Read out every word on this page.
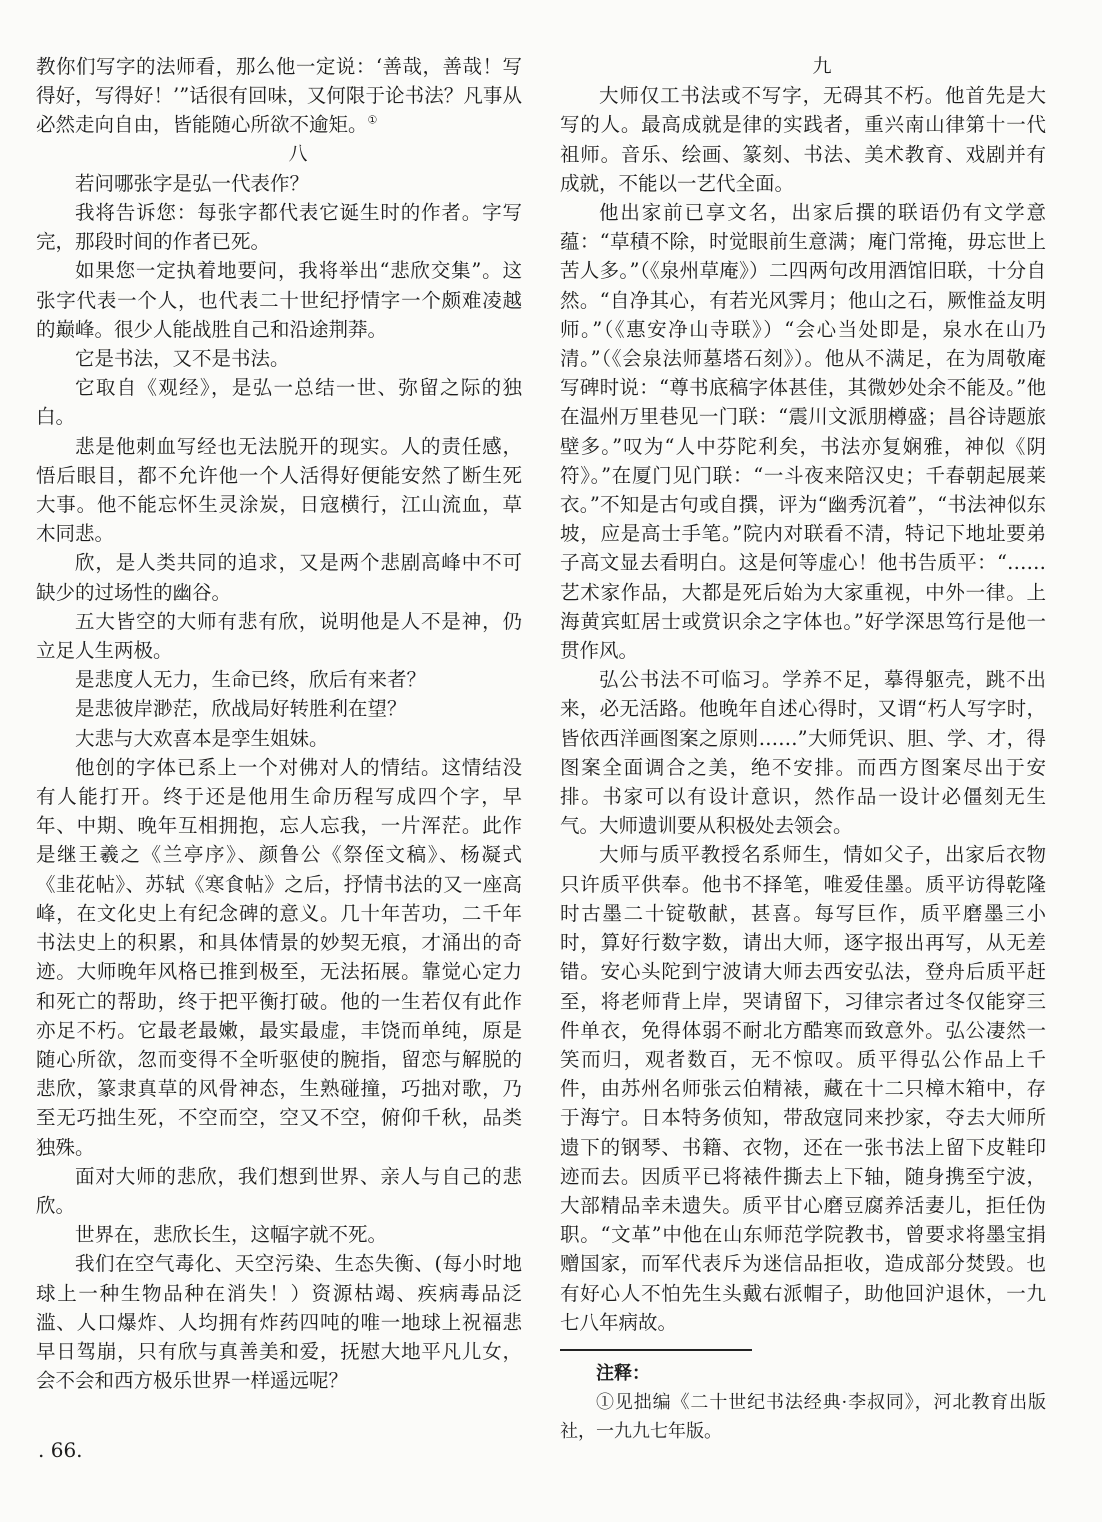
教你们写字的法师看，那么他一定说：‘善哉，善哉！写得好，写得好！’”话很有回味，又何限于论书法？凡事从必然走向自由，皆能随心所欲不逾矩。①

八

若问哪张字是弘一代表作？

我将告诉您：每张字都代表它诞生时的作者。字写完，那段时间的作者已死。

如果您一定执着地要问，我将举出“悲欣交集”。这张字代表一个人，也代表二十世纪抒情字一个颇难凌越的巅峰。很少人能战胜自己和沿途荆莽。

它是书法，又不是书法。

它取自《观经》，是弘一总结一世、弥留之际的独白。

悲是他刺血写经也无法脱开的现实。人的责任感，悟后眼目，都不允许他一个人活得好便能安然了断生死大事。他不能忘怀生灵涂炭，日寇横行，江山流血，草木同悲。

欣，是人类共同的追求，又是两个悲剧高峰中不可缺少的过场性的幽谷。

五大皆空的大师有悲有欣，说明他是人不是神，仍立足人生两极。

是悲度人无力，生命已终，欣后有来者？

是悲彼岸渺茫，欣战局好转胜利在望？

大悲与大欢喜本是孪生姐妹。

他创的字体已系上一个对佛对人的情结。这情结没有人能打开。终于还是他用生命历程写成四个字，早年、中期、晚年互相拥抱，忘人忘我，一片浑茫。此作是继王羲之《兰亭序》、颜鲁公《祭侄文稿》、杨凝式《韭花帖》、苏轼《寒食帖》之后，抒情书法的又一座高峰，在文化史上有纪念碑的意义。几十年苦功，二千年书法史上的积累，和具体情景的妙契无痕，才涌出的奇迹。大师晚年风格已推到极至，无法拓展。靠觉心定力和死亡的帮助，终于把平衡打破。他的一生若仅有此作亦足不朽。它最老最嫩，最实最虚，丰饶而单纯，原是随心所欲，忽而变得不全听驱使的腕指，留恋与解脱的悲欣，篆隶真草的风骨神态，生熟碰撞，巧拙对歌，乃至无巧拙生死，不空而空，空又不空，俯仰千秋，品类独殊。

面对大师的悲欣，我们想到世界、亲人与自己的悲欣。

世界在，悲欣长生，这幅字就不死。

我们在空气毒化、天空污染、生态失衡、(每小时地球上一种生物品种在消失！）资源枯竭、疾病毒品泛滥、人口爆炸、人均拥有炸药四吨的唯一地球上祝福悲早日驾崩，只有欣与真善美和爱，抚慰大地平凡儿女，会不会和西方极乐世界一样遥远呢？

九

大师仅工书法或不写字，无碍其不朽。他首先是大写的人。最高成就是律的实践者，重兴南山律第十一代祖师。音乐、绘画、篆刻、书法、美术教育、戏剧并有成就，不能以一艺代全面。

他出家前已享文名，出家后撰的联语仍有文学意蕴：“草積不除，时觉眼前生意满；庵门常掩，毋忘世上苦人多。”（《泉州草庵》）二四两句改用酒馆旧联，十分自然。“自净其心，有若光风霁月；他山之石，厥惟益友明师。”（《惠安净山寺联》）“会心当处即是，泉水在山乃清。”（《会泉法师墓塔石刻》）。他从不满足，在为周敬庵写碑时说：“尊书底稿字体甚佳，其微妙处余不能及。”他在温州万里巷见一门联：“震川文派朋樽盛；昌谷诗题旅壁多。”叹为“人中芬陀利矣，书法亦复娴雅，神似《阴符》。”在厦门见门联：“一斗夜来陪汉史；千春朝起展莱衣。”不知是古句或自撰，评为“幽秀沉着”，“书法神似东坡，应是高士手笔。”院内对联看不清，特记下地址要弟子高文显去看明白。这是何等虚心！他书告质平：“……艺术家作品，大都是死后始为大家重视，中外一律。上海黄宾虹居士或赏识余之字体也。”好学深思笃行是他一贯作风。

弘公书法不可临习。学养不足，摹得躯壳，跳不出来，必无活路。他晚年自述心得时，又谓“朽人写字时，皆依西洋画图案之原则……”大师凭识、胆、学、才，得图案全面调合之美，绝不安排。而西方图案尽出于安排。书家可以有设计意识，然作品一设计必僵刻无生气。大师遗训要从积极处去领会。

大师与质平教授名系师生，情如父子，出家后衣物只许质平供奉。他书不择笔，唯爱佳墨。质平访得乾隆时古墨二十锭敬献，甚喜。每写巨作，质平磨墨三小时，算好行数字数，请出大师，逐字报出再写，从无差错。安心头陀到宁波请大师去西安弘法，登舟后质平赶至，将老师背上岸，哭请留下，习律宗者过冬仅能穿三件单衣，免得体弱不耐北方酷寒而致意外。弘公凄然一笑而归，观者数百，无不惊叹。质平得弘公作品上千件，由苏州名师张云伯精裱，藏在十二只樟木箱中，存于海宁。日本特务侦知，带敌寇同来抄家，夺去大师所遗下的钢琴、书籍、衣物，还在一张书法上留下皮鞋印迹而去。因质平已将裱件撕去上下轴，随身携至宁波，大部精品幸未遗失。质平甘心磨豆腐养活妻儿，拒任伪职。“文革”中他在山东师范学院教书，曾要求将墨宝捐赠国家，而军代表斥为迷信品拒收，造成部分焚毁。也有好心人不怕先生头戴右派帽子，助他回沪退休，一九七八年病故。

注释：

①见拙编《二十世纪书法经典·李叔同》，河北教育出版社，一九九七年版。

. 66.
